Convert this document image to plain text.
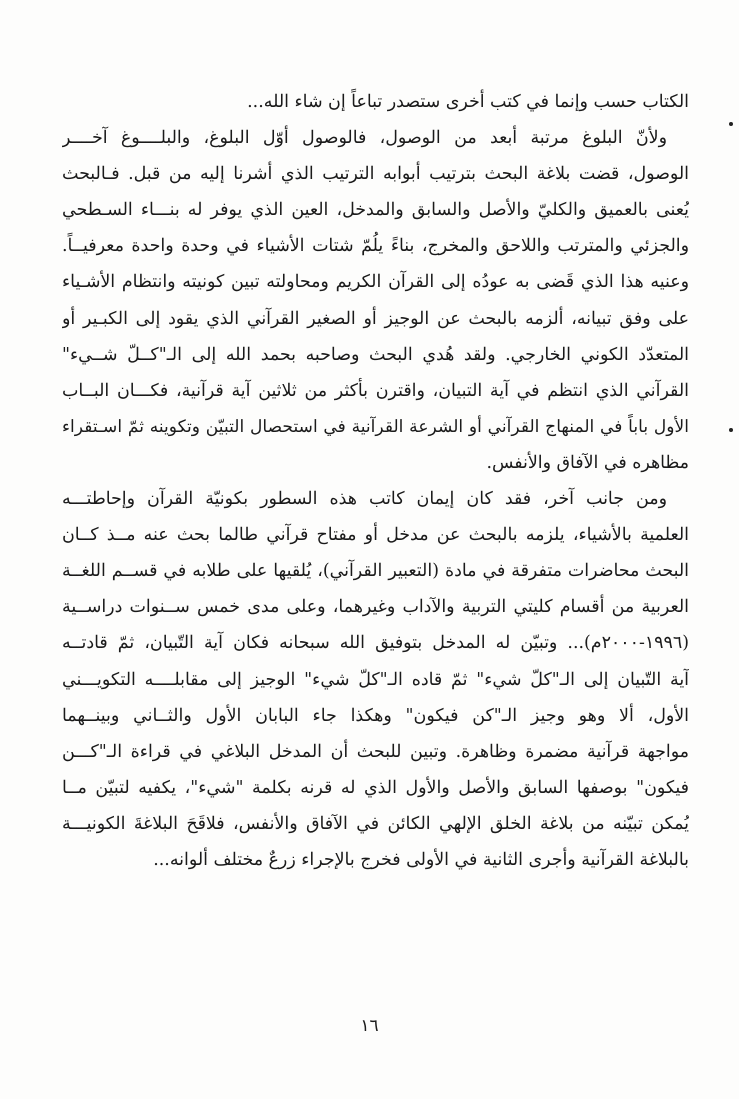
الكتاب حسب وإنما في كتب أخرى ستصدر تباعاً إن شاء الله...
ولأنّ البلوغ مرتبة أبعد من الوصول، فالوصول أوّل البلوغ، والبلــــوغ آخــــر
الوصول، قضت بلاغة البحث بترتيب أبوابه الترتيب الذي أشرنا إليه من قبل. فـالبحث
يُعنى بالعميق والكليّ والأصل والسابق والمدخل، العين الذي يوفر له بنـــاء السـطحي
والجزئي والمترتب واللاحق والمخرج، بناءً يلُمّ شتات الأشياء في وحدة واحدة معرفيــاً.
وعنيه هذا الذي قَضى به عودُه إلى القرآن الكريم ومحاولته تبين كونيته وانتظام الأشـياء
على وفق تبيانه، ألزمه بالبحث عن الوجيز أو الصغير القرآني الذي يقود إلى الكبـير أو
المتعدّد الكوني الخارجي. ولقد هُدي البحث وصاحبه بحمد الله إلى الـ"كــلّ شــيء"
القرآني الذي انتظم في آية التبيان، واقترن بأكثر من ثلاثين آية قرآنية، فكـــان البــاب
الأول باباً في المنهاج القرآني أو الشرعة القرآنية في استحصال التبيّن وتكوينه ثمّ اسـتقراء
مظاهره في الآفاق والأنفس.
ومن جانب آخر، فقد كان إيمان كاتب هذه السطور بكونيّة القرآن وإحاطتـــه
العلمية بالأشياء، يلزمه بالبحث عن مدخل أو مفتاح قرآني طالما بحث عنه مــذ كــان
البحث محاضرات متفرقة في مادة (التعبير القرآني)، يُلقيها على طلابه في قســم اللغــة
العربية من أقسام كليتي التربية والآداب وغيرهما، وعلى مدى خمس ســنوات دراســية
(١٩٩٦-٢٠٠٠م)... وتبيّن له المدخل بتوفيق الله سبحانه فكان آية التّبيان، ثمّ قادتــه
آية التّبيان إلى الـ"كلّ شيء" ثمّ قاده الـ"كلّ شيء" الوجيز إلى مقابلــــه التكويـــني
الأول، ألا وهو وجيز الـ"كن فيكون" وهكذا جاء البابان الأول والثــاني وبينــهما
مواجهة قرآنية مضمرة وظاهرة. وتبين للبحث أن المدخل البلاغي في قراءة الـ"كـــن
فيكون" بوصفها السابق والأصل والأول الذي له قرنه بكلمة "شيء"، يكفيه لتبيّن مــا
يُمكن تبيّنه من بلاغة الخلق الإلهي الكائن في الآفاق والأنفس، فلاقَحَ البلاغةَ الكونيـــة
بالبلاغة القرآنية وأجرى الثانية في الأولى فخرج بالإجراء زرعٌ مختلف ألوانه...
١٦
